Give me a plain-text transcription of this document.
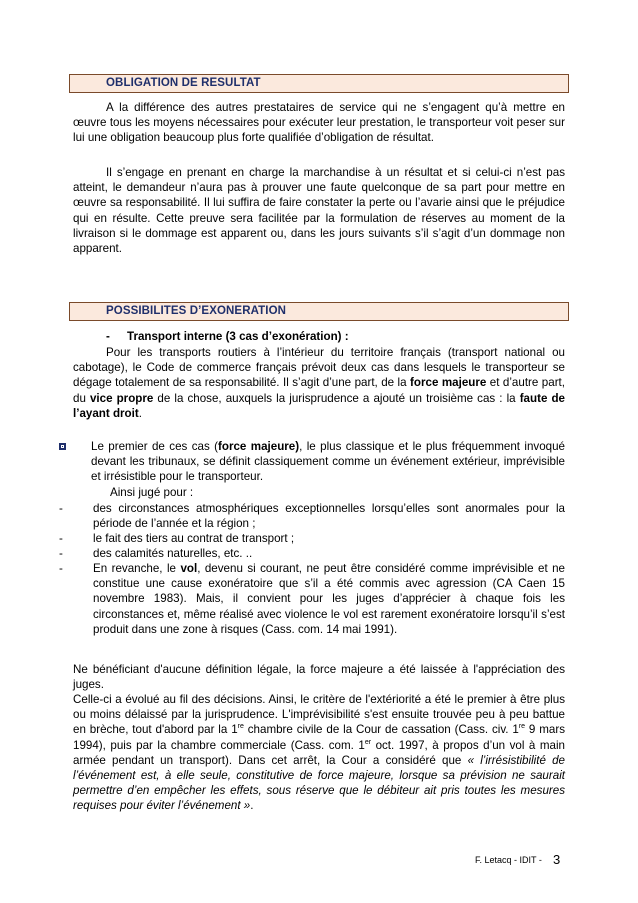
OBLIGATION DE RESULTAT

A la différence des autres prestataires de service qui ne s’engagent qu’à mettre en œuvre tous les moyens nécessaires pour exécuter leur prestation, le transporteur voit peser sur lui une obligation beaucoup plus forte qualifiée d’obligation de résultat.

Il s’engage en prenant en charge la marchandise à un résultat et si celui-ci n’est pas atteint, le demandeur n’aura pas à prouver une faute quelconque de sa part pour mettre en œuvre sa responsabilité. Il lui suffira de faire constater la perte ou l’avarie ainsi que le préjudice qui en résulte. Cette preuve sera facilitée par la formulation de réserves au moment de la livraison si le dommage est apparent ou, dans les jours suivants s’il s’agit d’un dommage non apparent.

POSSIBILITES D’EXONERATION

- Transport interne (3 cas d’exonération) :

Pour les transports routiers à l’intérieur du territoire français (transport national ou cabotage), le Code de commerce français prévoit deux cas dans lesquels le transporteur se dégage totalement de sa responsabilité. Il s’agit d’une part, de la force majeure et d’autre part, du vice propre de la chose, auxquels la jurisprudence a ajouté un troisième cas : la faute de l’ayant droit.

Le premier de ces cas (force majeure), le plus classique et le plus fréquemment invoqué devant les tribunaux, se définit classiquement comme un événement extérieur, imprévisible et irrésistible pour le transporteur.

Ainsi jugé pour :

-	des circonstances atmosphériques exceptionnelles lorsqu’elles sont anormales pour la période de l’année et la région ;
-	le fait des tiers au contrat de transport ;
-	des calamités naturelles, etc. ..
-	En revanche, le vol, devenu si courant, ne peut être considéré comme imprévisible et ne constitue une cause exonératoire que s’il a été commis avec agression (CA Caen 15 novembre 1983). Mais, il convient pour les juges d’apprécier à chaque fois les circonstances et, même réalisé avec violence le vol est rarement exonératoire lorsqu’il s’est produit dans une zone à risques (Cass. com. 14 mai 1991).

Ne bénéficiant d'aucune définition légale, la force majeure a été laissée à l'appréciation des juges.

Celle-ci a évolué au fil des décisions. Ainsi, le critère de l'extériorité a été le premier à être plus ou moins délaissé par la jurisprudence. L'imprévisibilité s'est ensuite trouvée peu à peu battue en brèche, tout d'abord par la 1re chambre civile de la Cour de cassation (Cass. civ. 1re 9 mars 1994), puis par la chambre commerciale (Cass. com. 1er oct. 1997, à propos d’un vol à main armée pendant un transport). Dans cet arrêt, la Cour a considéré que « l’irrésistibilité de l’événement est, à elle seule, constitutive de force majeure, lorsque sa prévision ne saurait permettre d’en empêcher les effets, sous réserve que le débiteur ait pris toutes les mesures requises pour éviter l’événement ».

F. Letacq - IDIT - 3
